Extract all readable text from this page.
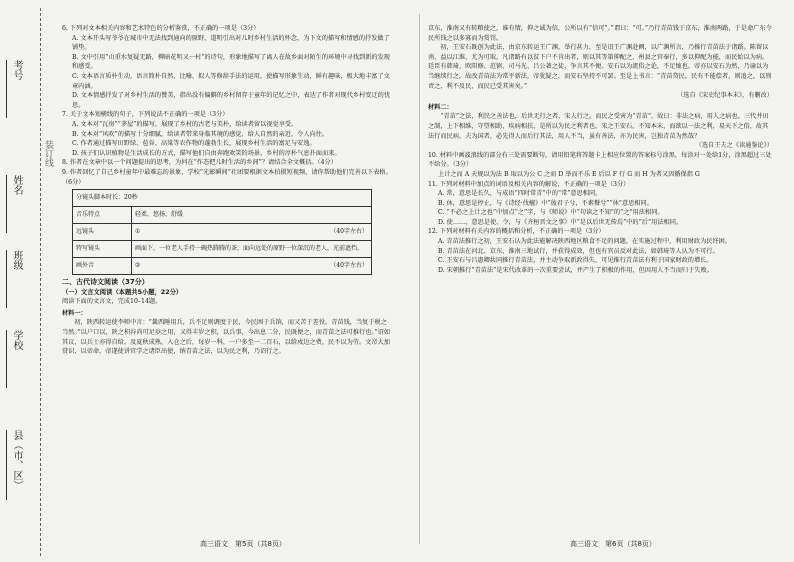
装订线
考号
姓名
班级
学校
县（市、区）

6. 下列对文本相关内容和艺术特色的分析鉴赏，不正确的一项是（3分）

A. 文本开头写爷爷在城市中无法找到通向的原野，道明引出对儿时乡村生活的怀念，为下文的描写和情感的抒发做了铺垫。

B. 文中引用“山重水复疑无路，柳暗花明又一村”的诗句，形象地描写了离人在故乡面对陌生的环境中寻找到新的发现和感受。

C. 文本语言质朴生动，语言简朴自然，比喻、拟人等修辞手法的运用，使描写形象生动，鲜有趣味，极大地丰富了文章内涵。

D. 文本情感抒发了对乡村生活的赞美，指出没有偏僻的乡村留存于童年的记忆之中，表达了作者对现代乡村变迁的忧思。

7. 关于文本划横线的句子，下列说法不正确的一项是（3分）

A. 文本对“瓦房”“茅屋”的描写，展现了乡村的古老与美朴，给读者留以视觉享受。

B. 文本对“风吹”的描写十分细腻，给读者带来身临其境的感觉，给人自然的亲近，令人向往。

C. 作者通过描写田野绿、苞谷、高粱等农作物的蓬勃生长，展现乡村生活的富足与安逸。

D. 孩子们认识植物是生活成长的方式，描写他们自由奔跑欢笑的场景，乡村的淳朴气息扑面而来。

8. 作者在文章中以一个问题提出的思考，为何在“作态把儿时生活的乡间”？请结合全文概括。（4分）

9. 作者回忆了自己乡村童年中最难忘的景象，学校“光影瞬间”社团要根据文本拍摄短视频，请你帮助他们完善以下表格。（6分）

分镜头脚本时长：20秒	
音乐特点	轻柔、悠扬、舒缓
远镜头	① （40字左右）

特写镜头	画面下，一位老人手持一碗热腾腾的茶，面向远处的原野一位深沉的老人，光前遮挡。
画外音	② （40字左右）

二、古代诗文阅读（37分）

（一）文言文阅读（本题共5小题，22分）

阅读下面的文言文，完成10–14题。

材料一：

初，陕西转运使李师中言：“曩西陲用兵，兵不足则调度于民，今民困于兵饷，而又苦于差役。青苗钱，当复于税之当然。”以户口以，陕之积谷尚可足岁之用，又得丰岁之积，以兵事，今出息二分，民既便之，而青苗之法可推行也。”诏如其议，以兵士亦得自给。及夏秋成熟，入仓之后，每岁一科，一户多至一二百石，以给戍边之费，民不以为劳。文帝大加赏识，以帝命，帝遂使讲官学之诸臣出使，纳青苗之法，以为民之利，乃诏行之。

高三语文　第5页（共8页）

京东，淮南又有转粮使之，谁有情，抑之诚为信，公所以有“信可”。”谓曰：“可。”乃行青苗钱于京东，淮南两路，于是命广东令民所钱之以多寡而为赏罚。

初，王安石既创为此法，由京东转运王广渊，举行甚力，至是诏王广渊赴阙，以广渊所言，乃推行青苗法于诸路。陈留以南，益以江淮，尤为可取，凡诸路有以贫下户不肯出者，则以其等第抑配之，州县之官奉行，多以抑配为能，而民始以为病。廷臣有韩琦、欧阳修、范镇、司马光、吕公著之徒，争言其不便。安石以为流俗之论，不足恤也。帝亦以安石为然，乃谕以为当继续行之，故改青苗法为常平新法，帝犹疑之，而安石坚持不可罢。至是上书言：“青苗贷民，民有不能偿者，则追之，以刑责之，利不及民，而民已受其害矣。”

（选自《宋史纪事本末》，有删改）

材料二：

“青苗”之法，利民之善法也，后世无行之者，宋人行之，而民之受害为“青苗”，故曰：非法之病，用人之病也。三代井田之制，上下相维，守望相助，疾病相扶，是所以为民之利者也。宋之王安石，不知本末，而欲以一法之利，易天下之俗，故其法行而民病。夫为国者，必先得人而后行其法，用人不当，虽有善法，亦为民害，岂独青苗为然哉？

（选自王夫之《读通鉴论》）

10. 材料中画波浪线的部分有三处需要断句，请用铅笔将答题卡上相应位置的答案标号涂黑，每涂对一处给1分，涂黑超过三处不给分。（3分）

上计之而 A 天规以为法 B 取以为公 C 之而 D 举而不乐 E 后以 F 行 G 而 H 为者又因循保指 G

11. 下列对材料中加点的词语及相关内容的解说，不正确的一项是（3分）

A. 常，意思是长久，与成语“四时常青”中的“常”意思相同。

B. 休，意思是停止，与《诗经·伐檀》中“彼君子兮，不素餐兮”“休”意思相同。

C. “不必之上计之也”中加点“之”字，与《师说》中“句读之不知”的“之”用法相同。

D. 使……，意思是使、令，与《齐桓晋文之事》中“是以后世无传焉”中的“后”用法相同。

12. 下列对材料有关内容的概括和分析，不正确的一项是（3分）

A. 青苗法推行之初，王安石认为此法能解决陕西地区粮食不足的问题，在实施过程中，利用财政为民纾困。

B. 青苗法在河北、京东、淮南三地试行，并获得成效，但也有官员反对此法，如韩琦等人认为不可行。

C. 王安石与吕惠卿共同推行青苗法，并主动争取新政得失，可见推行青苗法有利于国家财政的增长。

D. 宋朝推行“青苗法”是宋代改革的一次重要尝试，并产生了积极的作用，但因用人不当而归于失败。

高三语文　第6页（共8页）
